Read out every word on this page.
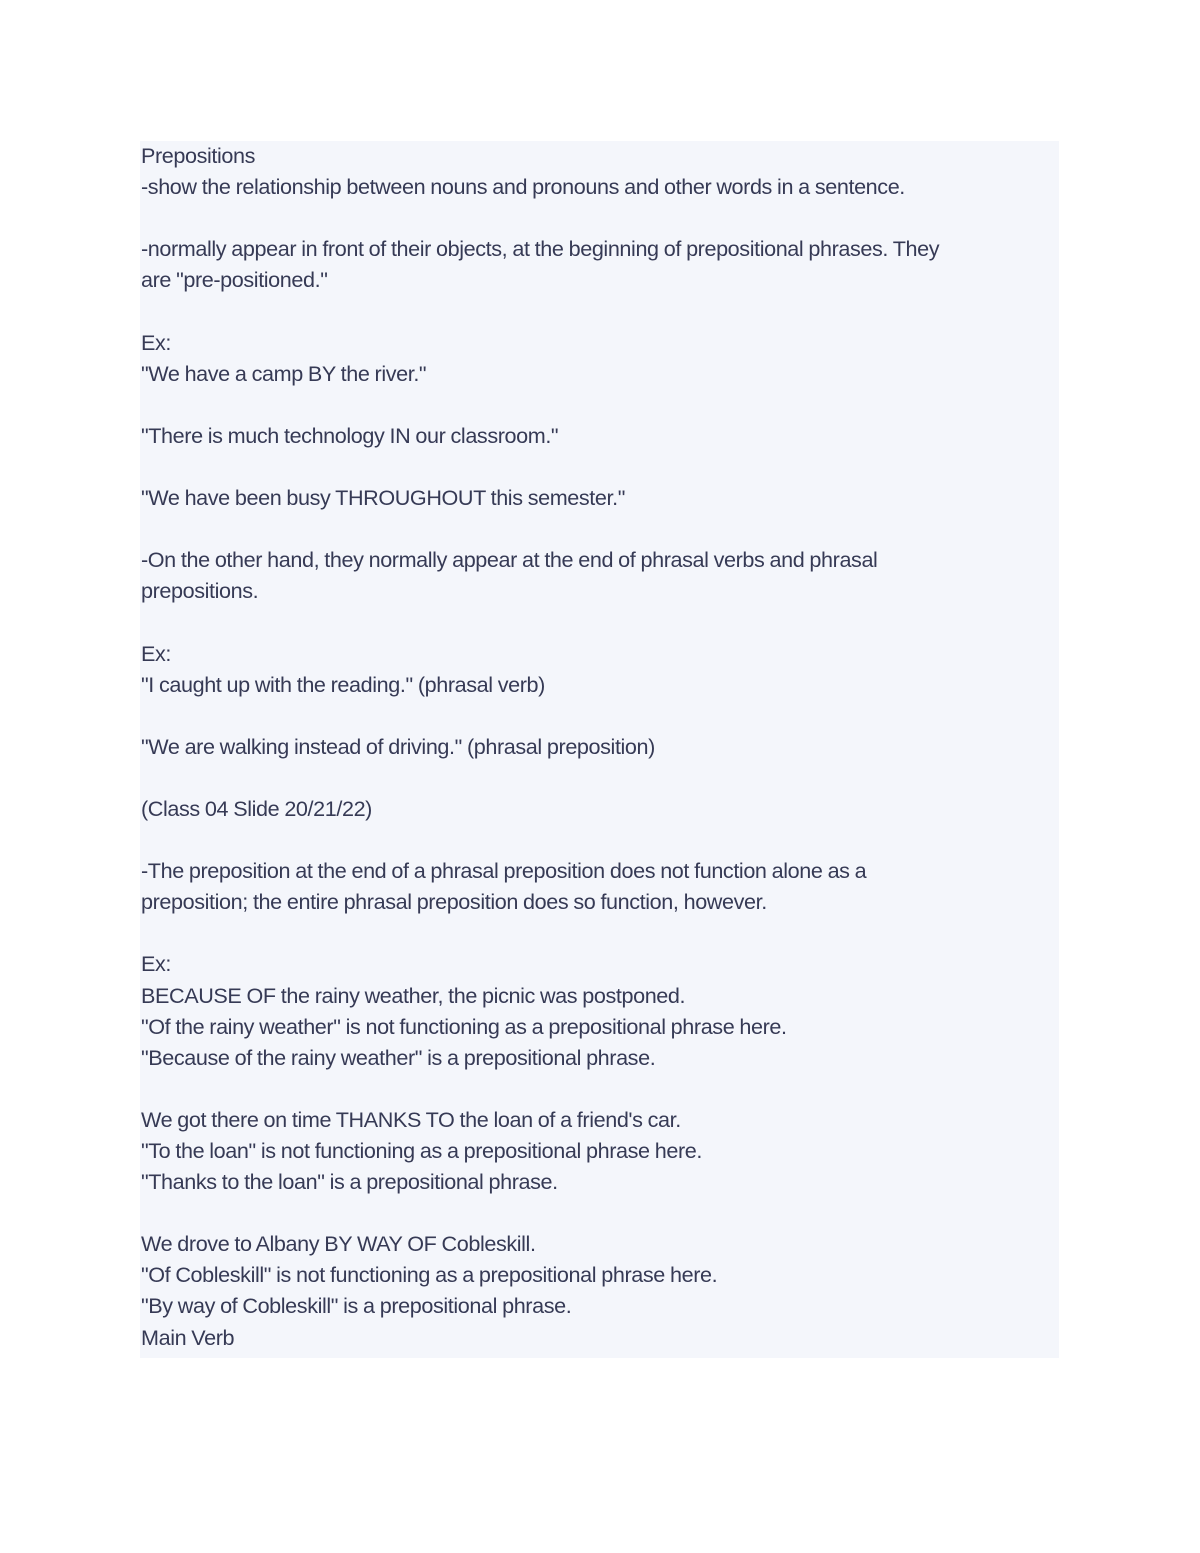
Prepositions
-show the relationship between nouns and pronouns and other words in a sentence.
-normally appear in front of their objects, at the beginning of prepositional phrases. They
are "pre-positioned."
Ex:
"We have a camp BY the river."
"There is much technology IN our classroom."
"We have been busy THROUGHOUT this semester."
-On the other hand, they normally appear at the end of phrasal verbs and phrasal
prepositions.
Ex:
"I caught up with the reading." (phrasal verb)
"We are walking instead of driving." (phrasal preposition)
(Class 04 Slide 20/21/22)
-The preposition at the end of a phrasal preposition does not function alone as a
preposition; the entire phrasal preposition does so function, however.
Ex:
BECAUSE OF the rainy weather, the picnic was postponed.
"Of the rainy weather" is not functioning as a prepositional phrase here.
"Because of the rainy weather" is a prepositional phrase.
We got there on time THANKS TO the loan of a friend's car.
"To the loan" is not functioning as a prepositional phrase here.
"Thanks to the loan" is a prepositional phrase.
We drove to Albany BY WAY OF Cobleskill.
"Of Cobleskill" is not functioning as a prepositional phrase here.
"By way of Cobleskill" is a prepositional phrase.
Main Verb
